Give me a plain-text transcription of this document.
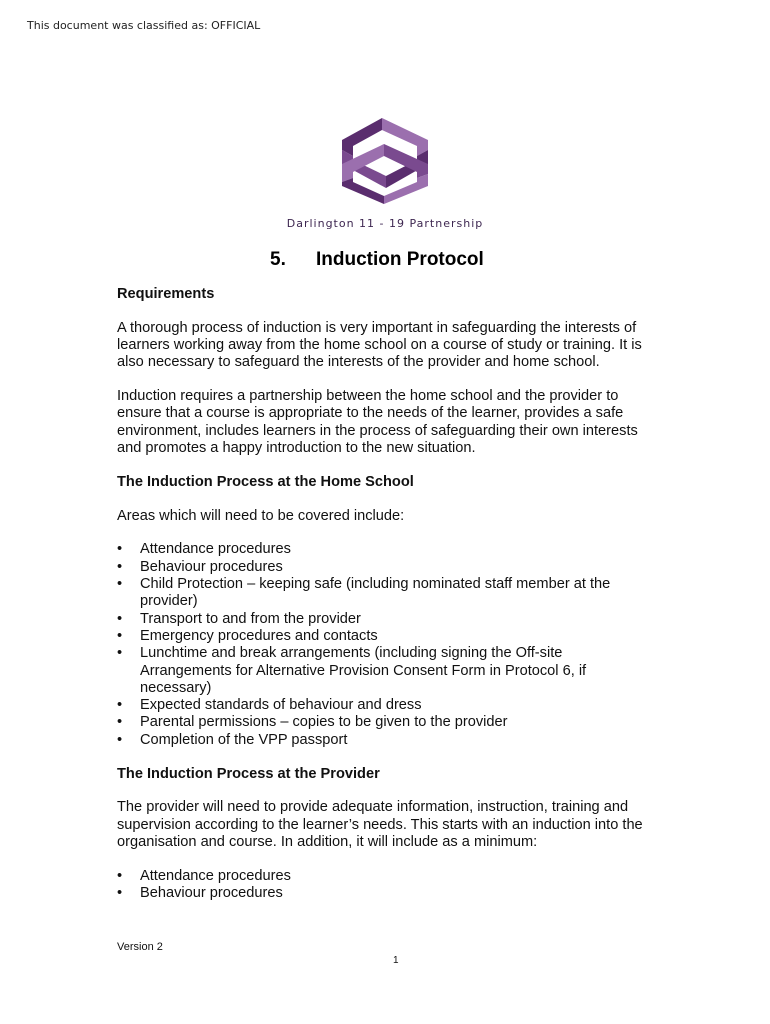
This document was classified as: OFFICIAL
Darlington 11 - 19 Partnership
5. Induction Protocol
Requirements

A thorough process of induction is very important in safeguarding the interests of learners working away from the home school on a course of study or training. It is also necessary to safeguard the interests of the provider and home school.

Induction requires a partnership between the home school and the provider to ensure that a course is appropriate to the needs of the learner, provides a safe environment, includes learners in the process of safeguarding their own interests and promotes a happy introduction to the new situation.

The Induction Process at the Home School

Areas which will need to be covered include:

• Attendance procedures
• Behaviour procedures
• Child Protection – keeping safe (including nominated staff member at the provider)
• Transport to and from the provider
• Emergency procedures and contacts
• Lunchtime and break arrangements (including signing the Off-site Arrangements for Alternative Provision Consent Form in Protocol 6, if necessary)
• Expected standards of behaviour and dress
• Parental permissions – copies to be given to the provider
• Completion of the VPP passport
The Induction Process at the Provider

The provider will need to provide adequate information, instruction, training and supervision according to the learner’s needs. This starts with an induction into the organisation and course. In addition, it will include as a minimum:

• Attendance procedures
• Behaviour procedures
Version 2
1
